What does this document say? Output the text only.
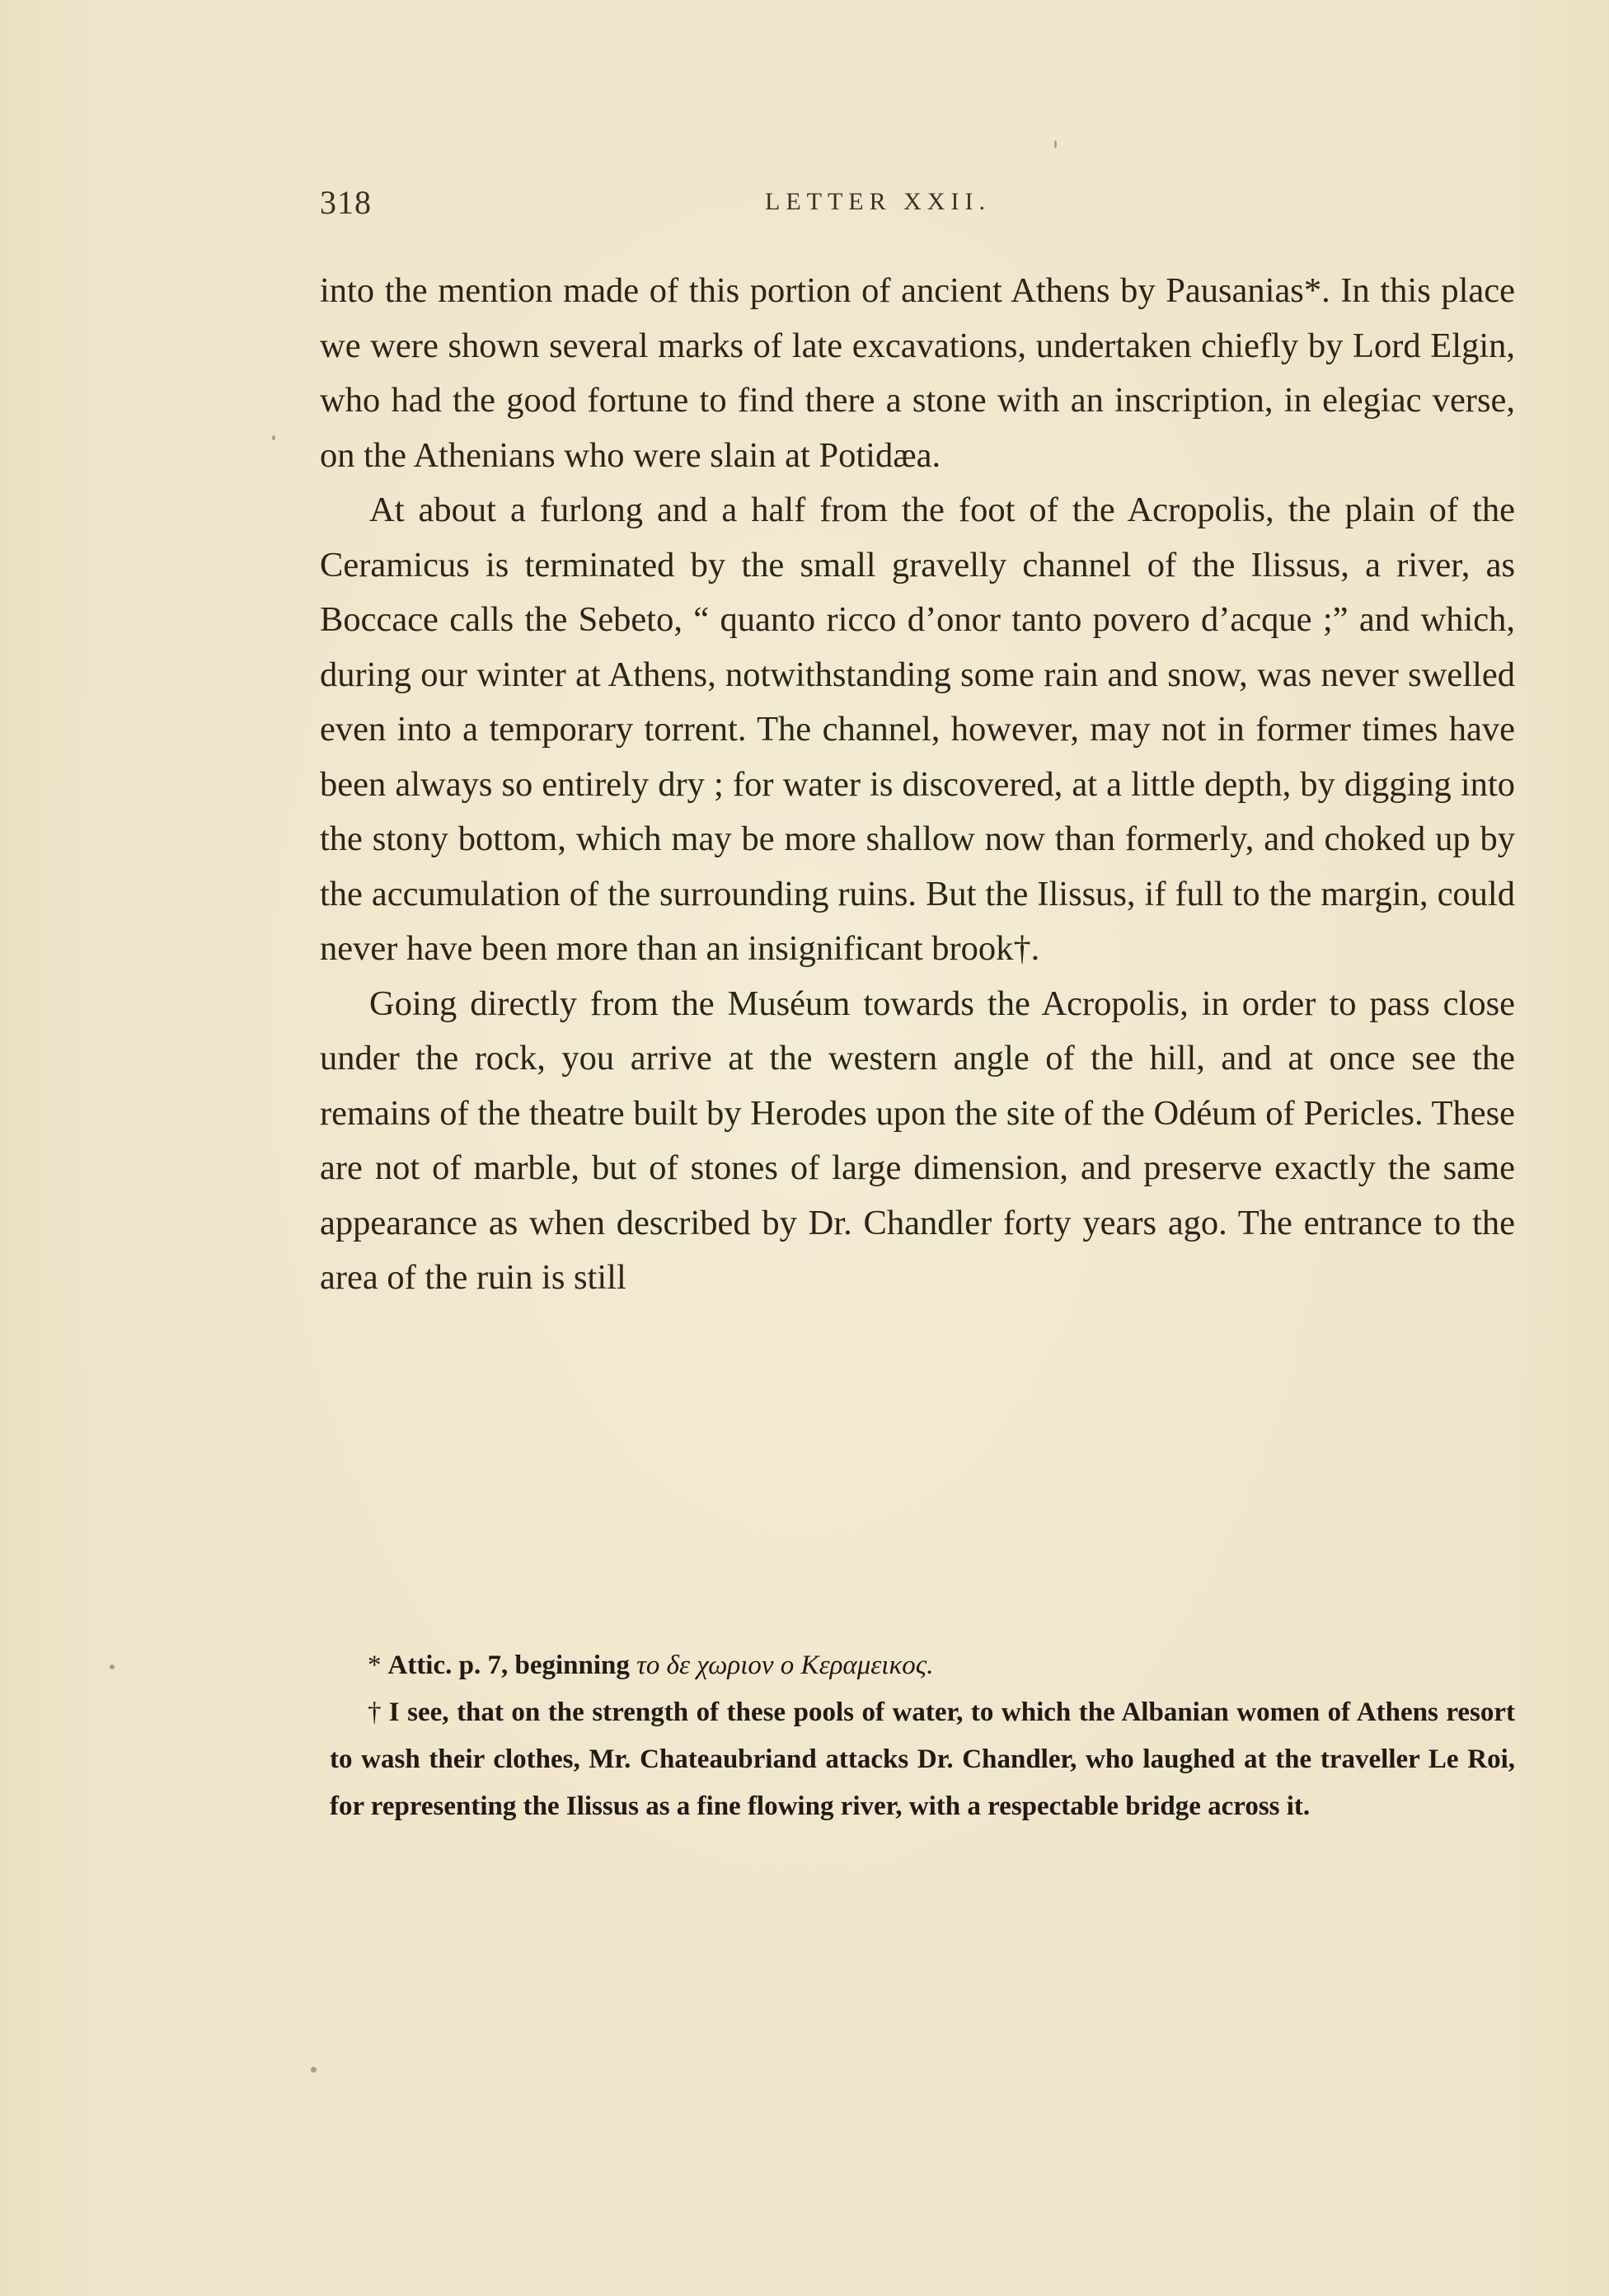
318	LETTER XXII.

into the mention made of this portion of ancient Athens by Pausanias*. In this place we were shown several marks of late excavations, undertaken chiefly by Lord Elgin, who had the good fortune to find there a stone with an inscription, in elegiac verse, on the Athenians who were slain at Potidæa.

At about a furlong and a half from the foot of the Acropolis, the plain of the Ceramicus is terminated by the small gravelly channel of the Ilissus, a river, as Boccace calls the Sebeto, “ quanto ricco d’onor tanto povero d’acque ;” and which, during our winter at Athens, notwithstanding some rain and snow, was never swelled even into a temporary torrent. The channel, however, may not in former times have been always so entirely dry ; for water is discovered, at a little depth, by digging into the stony bottom, which may be more shallow now than formerly, and choked up by the accumulation of the surrounding ruins. But the Ilissus, if full to the margin, could never have been more than an insignificant brook†.

Going directly from the Muséum towards the Acropolis, in order to pass close under the rock, you arrive at the western angle of the hill, and at once see the remains of the theatre built by Herodes upon the site of the Odéum of Pericles. These are not of marble, but of stones of large dimension, and preserve exactly the same appearance as when described by Dr. Chandler forty years ago. The entrance to the area of the ruin is still

* Attic. p. 7, beginning το δε χωριον ο Κεραμεικος.

† I see, that on the strength of these pools of water, to which the Albanian women of Athens resort to wash their clothes, Mr. Chateaubriand attacks Dr. Chandler, who laughed at the traveller Le Roi, for representing the Ilissus as a fine flowing river, with a respectable bridge across it.
